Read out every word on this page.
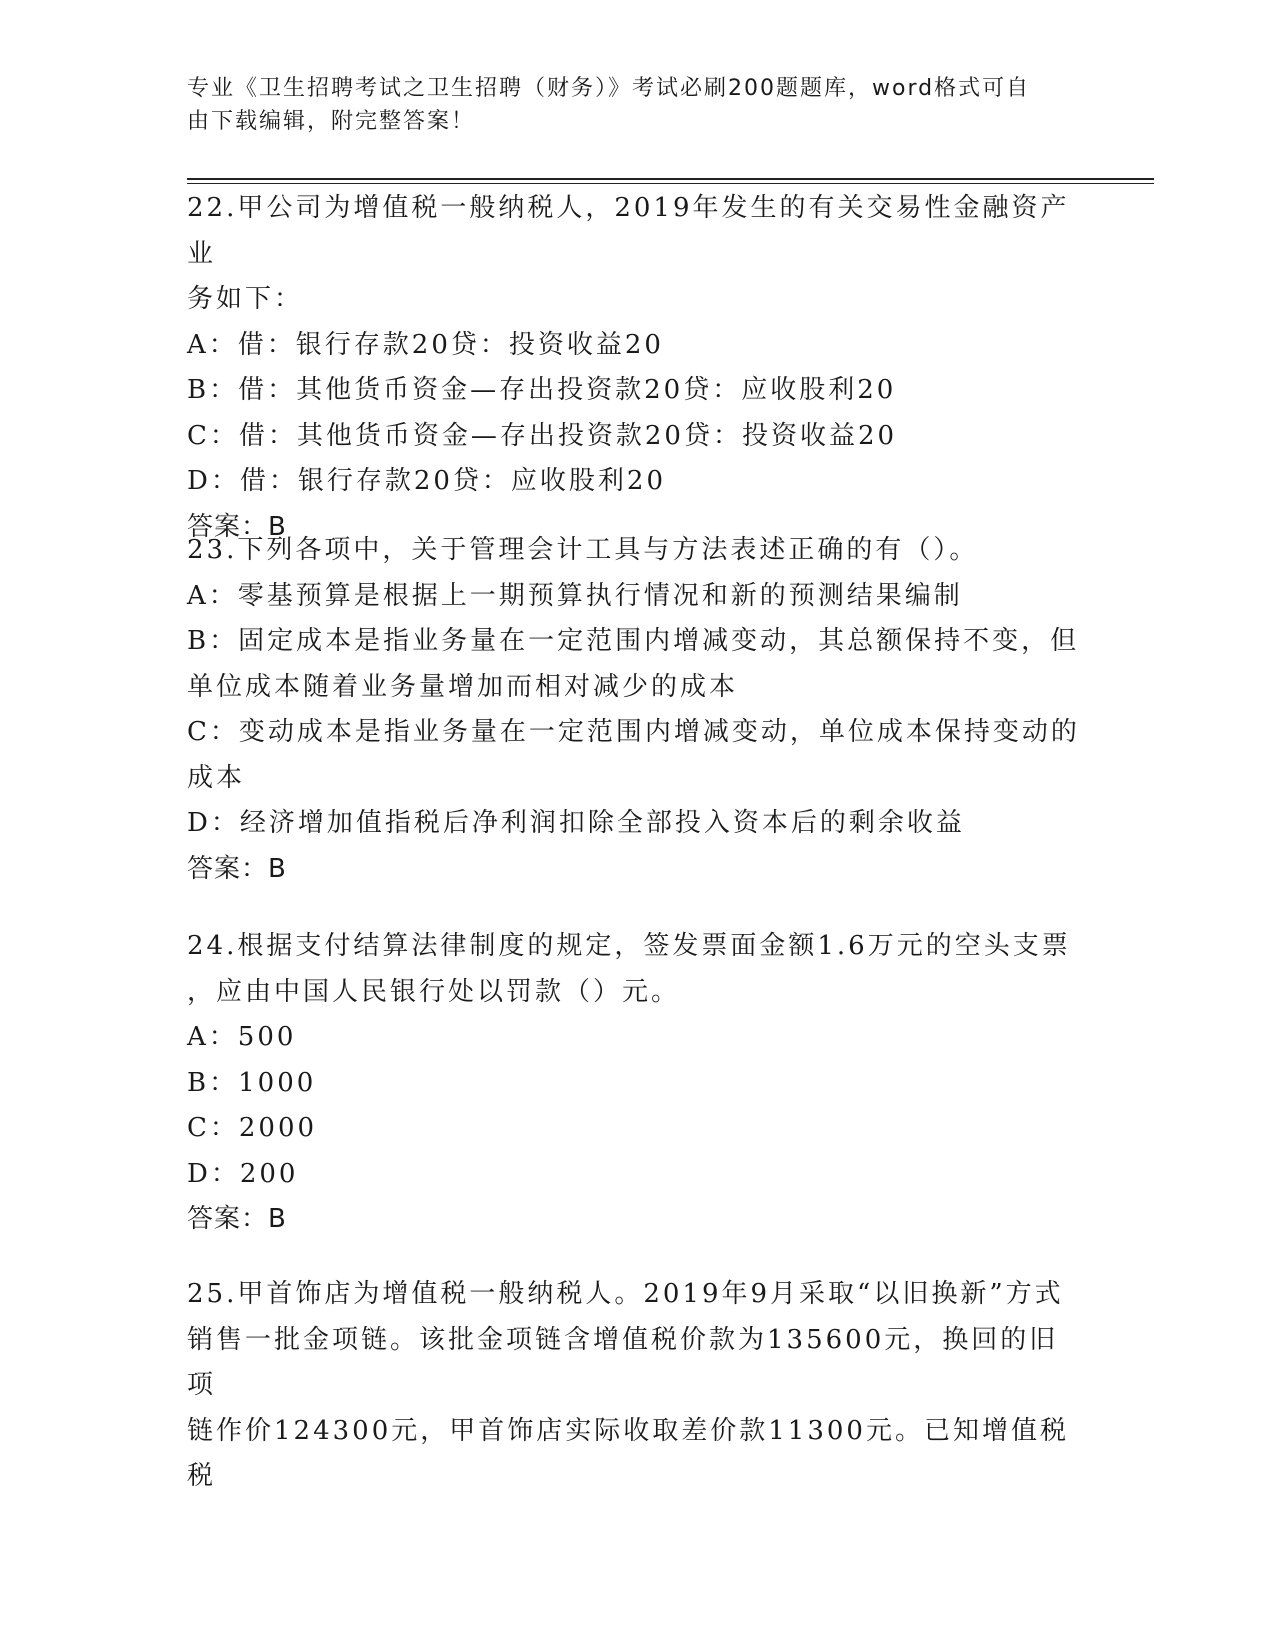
专业《卫生招聘考试之卫生招聘（财务）》考试必刷200题题库，word格式可自
由下载编辑，附完整答案！
22.甲公司为增值税一般纳税人，2019年发生的有关交易性金融资产业
务如下：
A：借：银行存款20贷：投资收益20
B：借：其他货币资金—存出投资款20贷：应收股利20
C：借：其他货币资金—存出投资款20贷：投资收益20
D：借：银行存款20贷：应收股利20
答案：B
23.下列各项中，关于管理会计工具与方法表述正确的有（）。
A：零基预算是根据上一期预算执行情况和新的预测结果编制
B：固定成本是指业务量在一定范围内增减变动，其总额保持不变，但
单位成本随着业务量增加而相对减少的成本
C：变动成本是指业务量在一定范围内增减变动，单位成本保持变动的
成本
D：经济增加值指税后净利润扣除全部投入资本后的剩余收益
答案：B
24.根据支付结算法律制度的规定，签发票面金额1.6万元的空头支票
，应由中国人民银行处以罚款（）元。
A：500
B：1000
C：2000
D：200
答案：B
25.甲首饰店为增值税一般纳税人。2019年9月采取“以旧换新”方式
销售一批金项链。该批金项链含增值税价款为135600元，换回的旧项
链作价124300元，甲首饰店实际收取差价款11300元。已知增值税税
